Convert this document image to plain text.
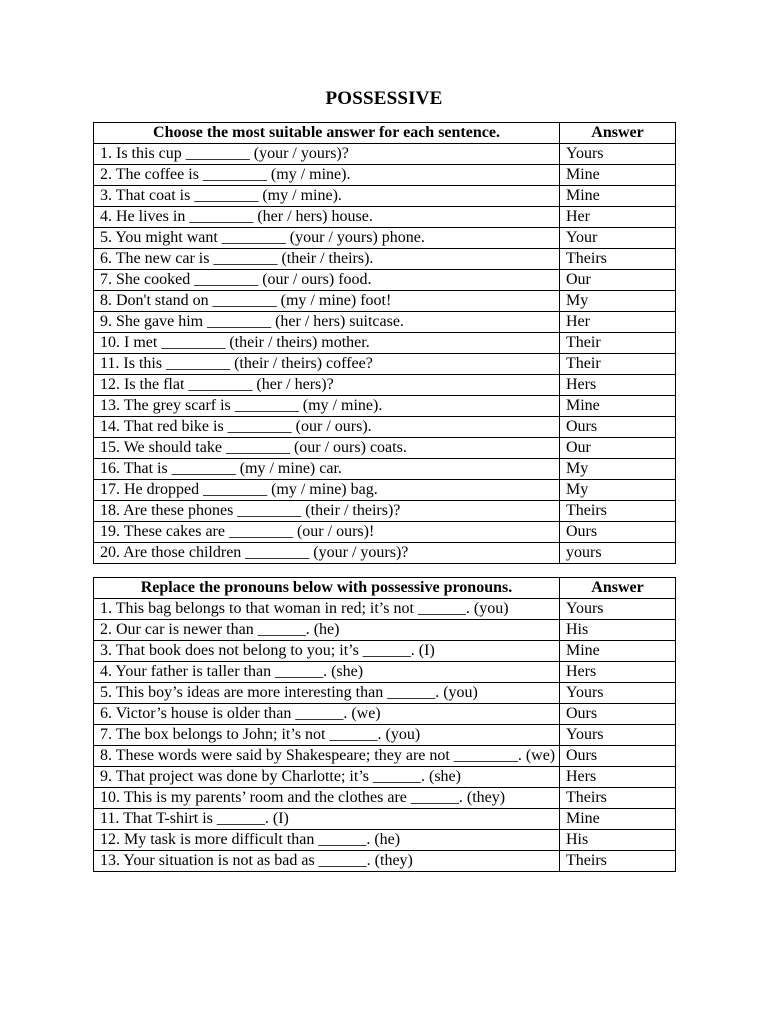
POSSESSIVE
Choose the most suitable answer for each sentence.	Answer
1. Is this cup ________ (your / yours)?	Yours
2. The coffee is ________ (my / mine).	Mine
3. That coat is ________ (my / mine).	Mine
4. He lives in ________ (her / hers) house.	Her
5. You might want ________ (your / yours) phone.	Your
6. The new car is ________ (their / theirs).	Theirs
7. She cooked ________ (our / ours) food.	Our
8. Don't stand on ________ (my / mine) foot!	My
9. She gave him ________ (her / hers) suitcase.	Her
10. I met ________ (their / theirs) mother.	Their
11. Is this ________ (their / theirs) coffee?	Their
12. Is the flat ________ (her / hers)?	Hers
13. The grey scarf is ________ (my / mine).	Mine
14. That red bike is ________ (our / ours).	Ours
15. We should take ________ (our / ours) coats.	Our
16. That is ________ (my / mine) car.	My
17. He dropped ________ (my / mine) bag.	My
18. Are these phones ________ (their / theirs)?	Theirs
19. These cakes are ________ (our / ours)!	Ours
20. Are those children ________ (your / yours)?	yours
Replace the pronouns below with possessive pronouns.	Answer
1. This bag belongs to that woman in red; it’s not ______. (you)	Yours
2. Our car is newer than ______. (he)	His
3. That book does not belong to you; it’s ______. (I)	Mine
4. Your father is taller than ______. (she)	Hers
5. This boy’s ideas are more interesting than ______. (you)	Yours
6. Victor’s house is older than ______. (we)	Ours
7. The box belongs to John; it’s not ______. (you)	Yours
8. These words were said by Shakespeare; they are not ________. (we)	Ours
9. That project was done by Charlotte; it’s ______. (she)	Hers
10. This is my parents’ room and the clothes are ______. (they)	Theirs
11. That T-shirt is ______. (I)	Mine
12. My task is more difficult than ______. (he)	His
13. Your situation is not as bad as ______. (they)	Theirs
